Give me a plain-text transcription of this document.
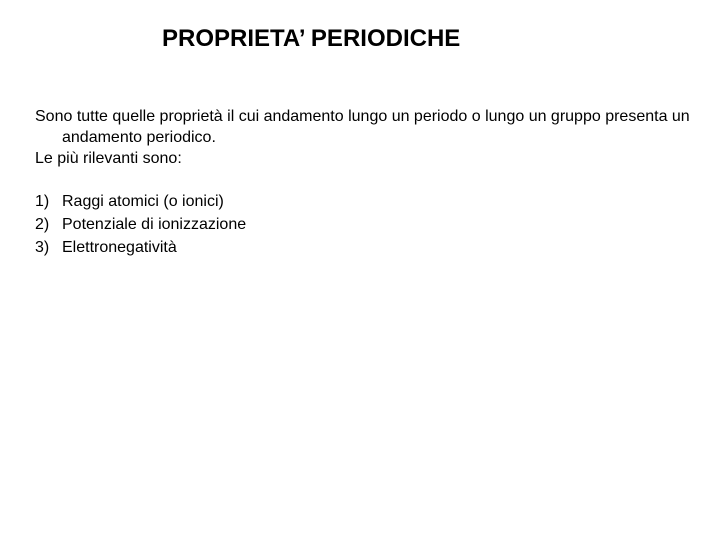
PROPRIETA’ PERIODICHE

Sono tutte quelle proprietà il cui andamento lungo un periodo o lungo un gruppo presenta un andamento periodico.

Le più rilevanti sono:

1) Raggi atomici (o ionici)
2) Potenziale di ionizzazione
3) Elettronegatività
